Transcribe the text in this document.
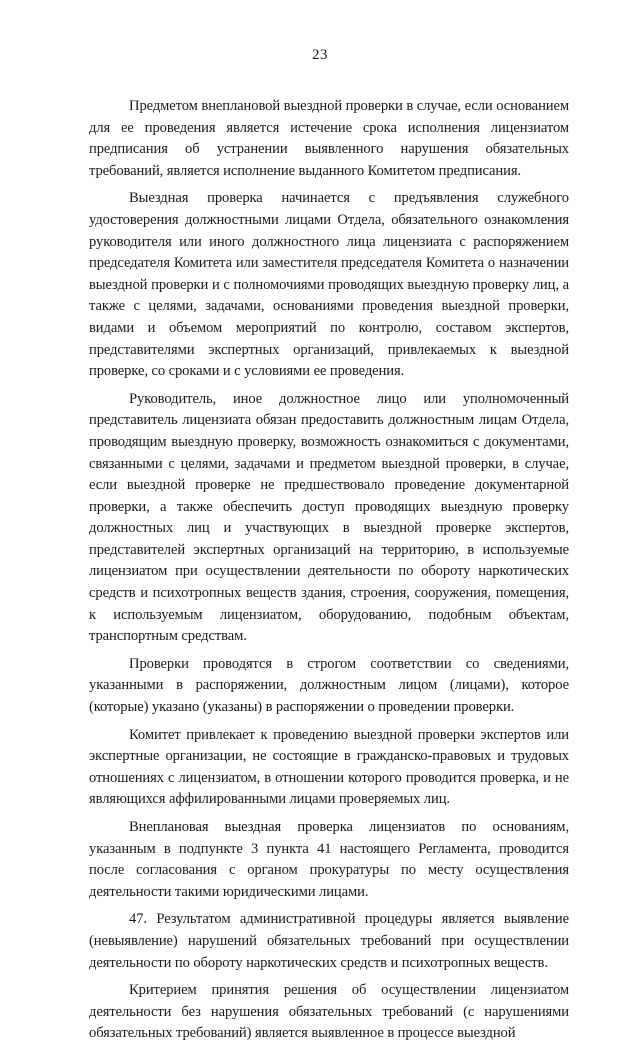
23

Предметом внеплановой выездной проверки в случае, если основанием для ее проведения является истечение срока исполнения лицензиатом предписания об устранении выявленного нарушения обязательных требований, является исполнение выданного Комитетом предписания.

Выездная проверка начинается с предъявления служебного удостоверения должностными лицами Отдела, обязательного ознакомления руководителя или иного должностного лица лицензиата с распоряжением председателя Комитета или заместителя председателя Комитета о назначении выездной проверки и с полномочиями проводящих выездную проверку лиц, а также с целями, задачами, основаниями проведения выездной проверки, видами и объемом мероприятий по контролю, составом экспертов, представителями экспертных организаций, привлекаемых к выездной проверке, со сроками и с условиями ее проведения.

Руководитель, иное должностное лицо или уполномоченный представитель лицензиата обязан предоставить должностным лицам Отдела, проводящим выездную проверку, возможность ознакомиться с документами, связанными с целями, задачами и предметом выездной проверки, в случае, если выездной проверке не предшествовало проведение документарной проверки, а также обеспечить доступ проводящих выездную проверку должностных лиц и участвующих в выездной проверке экспертов, представителей экспертных организаций на территорию, в используемые лицензиатом при осуществлении деятельности по обороту наркотических средств и психотропных веществ здания, строения, сооружения, помещения, к используемым лицензиатом, оборудованию, подобным объектам, транспортным средствам.

Проверки проводятся в строгом соответствии со сведениями, указанными в распоряжении, должностным лицом (лицами), которое (которые) указано (указаны) в распоряжении о проведении проверки.

Комитет привлекает к проведению выездной проверки экспертов или экспертные организации, не состоящие в гражданско-правовых и трудовых отношениях с лицензиатом, в отношении которого проводится проверка, и не являющихся аффилированными лицами проверяемых лиц.

Внеплановая выездная проверка лицензиатов по основаниям, указанным в подпункте 3 пункта 41 настоящего Регламента, проводится после согласования с органом прокуратуры по месту осуществления деятельности такими юридическими лицами.

47. Результатом административной процедуры является выявление (невыявление) нарушений обязательных требований при осуществлении деятельности по обороту наркотических средств и психотропных веществ.

Критерием принятия решения об осуществлении лицензиатом деятельности без нарушения обязательных требований (с нарушениями обязательных требований) является выявленное в процессе выездной
